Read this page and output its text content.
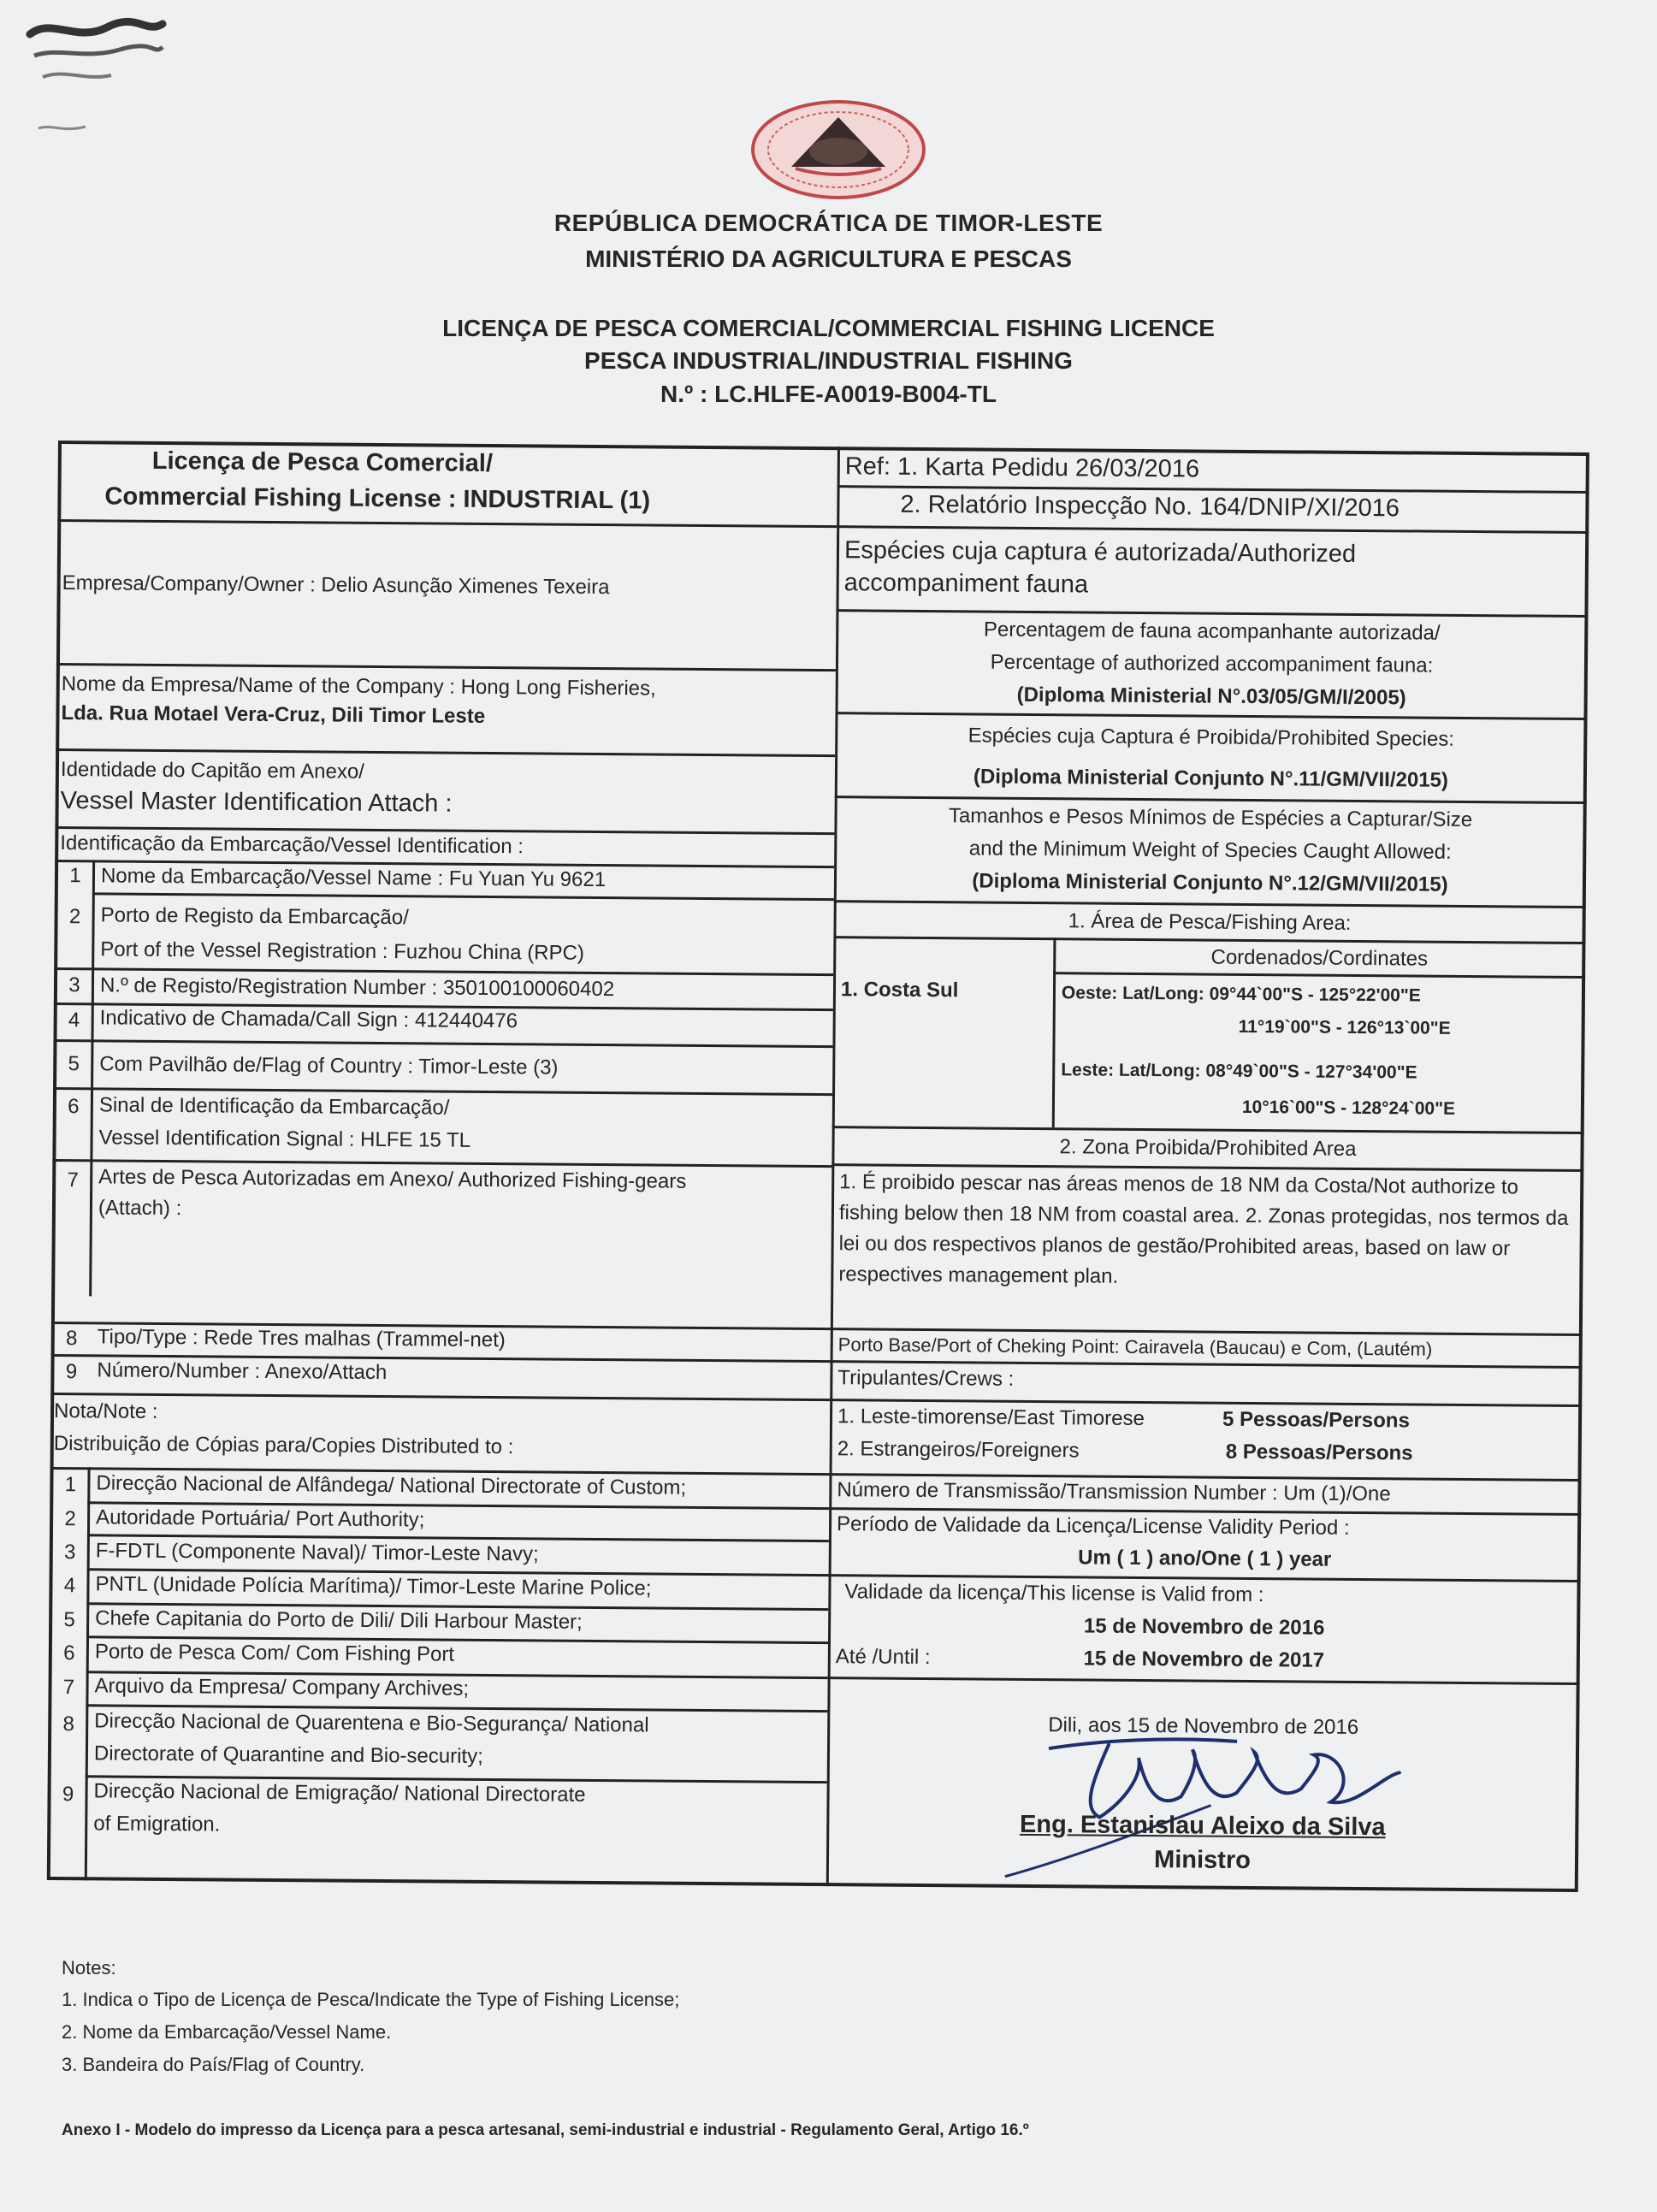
REPÚBLICA DEMOCRÁTICA DE TIMOR-LESTE
MINISTÉRIO DA AGRICULTURA E PESCAS
LICENÇA DE PESCA COMERCIAL/COMMERCIAL FISHING LICENCE
PESCA INDUSTRIAL/INDUSTRIAL FISHING
N.º : LC.HLFE-A0019-B004-TL
Licença de Pesca Comercial/
Commercial Fishing License : INDUSTRIAL (1)
Empresa/Company/Owner : Delio Asunção Ximenes Texeira
Nome da Empresa/Name of the Company : Hong Long Fisheries,
Lda. Rua Motael Vera-Cruz, Dili Timor Leste
Identidade do Capitão em Anexo/
Vessel Master Identification Attach :
Identificação da Embarcação/Vessel Identification :
1 Nome da Embarcação/Vessel Name : Fu Yuan Yu 9621
2 Porto de Registo da Embarcação/
Port of the Vessel Registration : Fuzhou China (RPC)
3 N.º de Registo/Registration Number : 350100100060402
4 Indicativo de Chamada/Call Sign : 412440476
5 Com Pavilhão de/Flag of Country : Timor-Leste (3)
6 Sinal de Identificação da Embarcação/
Vessel Identification Signal : HLFE 15 TL
7 Artes de Pesca Autorizadas em Anexo/ Authorized Fishing-gears
(Attach) :
8 Tipo/Type : Rede Tres malhas (Trammel-net)
9 Número/Number : Anexo/Attach
Nota/Note :
Distribuição de Cópias para/Copies Distributed to :
1 Direcção Nacional de Alfândega/ National Directorate of Custom;
2 Autoridade Portuária/ Port Authority;
3 F-FDTL (Componente Naval)/ Timor-Leste Navy;
4 PNTL (Unidade Polícia Marítima)/ Timor-Leste Marine Police;
5 Chefe Capitania do Porto de Dili/ Dili Harbour Master;
6 Porto de Pesca Com/ Com Fishing Port
7 Arquivo da Empresa/ Company Archives;
8 Direcção Nacional de Quarentena e Bio-Segurança/ National
Directorate of Quarantine and Bio-security;
9 Direcção Nacional de Emigração/ National Directorate
of Emigration.
Ref: 1. Karta Pedidu 26/03/2016
2. Relatório Inspecção No. 164/DNIP/XI/2016
Espécies cuja captura é autorizada/Authorized
accompaniment fauna
Percentagem de fauna acompanhante autorizada/
Percentage of authorized accompaniment fauna:
(Diploma Ministerial N°.03/05/GM/I/2005)
Espécies cuja Captura é Proibida/Prohibited Species:
(Diploma Ministerial Conjunto N°.11/GM/VII/2015)
Tamanhos e Pesos Mínimos de Espécies a Capturar/Size
and the Minimum Weight of Species Caught Allowed:
(Diploma Ministerial Conjunto N°.12/GM/VII/2015)
1. Área de Pesca/Fishing Area:
Cordenados/Cordinates
1. Costa Sul	Oeste: Lat/Long: 09°44`00"S - 125°22'00"E
11°19`00"S - 126°13`00"E
Leste: Lat/Long: 08°49`00"S - 127°34'00"E
10°16`00"S - 128°24`00"E
2. Zona Proibida/Prohibited Area
1. É proibido pescar nas áreas menos de 18 NM da Costa/Not authorize to fishing below then 18 NM from coastal area. 2. Zonas protegidas, nos termos da lei ou dos respectivos planos de gestão/Prohibited areas, based on law or respectives management plan.
Porto Base/Port of Cheking Point: Cairavela (Baucau) e Com, (Lautém)
Tripulantes/Crews :
1. Leste-timorense/East Timorese	5 Pessoas/Persons
2. Estrangeiros/Foreigners	8 Pessoas/Persons
Número de Transmissão/Transmission Number : Um (1)/One
Período de Validade da Licença/License Validity Period :
Um ( 1 ) ano/One ( 1 ) year
Validade da licença/This license is Valid from :
15 de Novembro de 2016
Até /Until :	15 de Novembro de 2017
Dili, aos 15 de Novembro de 2016
Eng. Estanislau Aleixo da Silva
Ministro
Notes:
1. Indica o Tipo de Licença de Pesca/Indicate the Type of Fishing License;
2. Nome da Embarcação/Vessel Name.
3. Bandeira do País/Flag of Country.
Anexo I - Modelo do impresso da Licença para a pesca artesanal, semi-industrial e industrial - Regulamento Geral, Artigo 16.º
